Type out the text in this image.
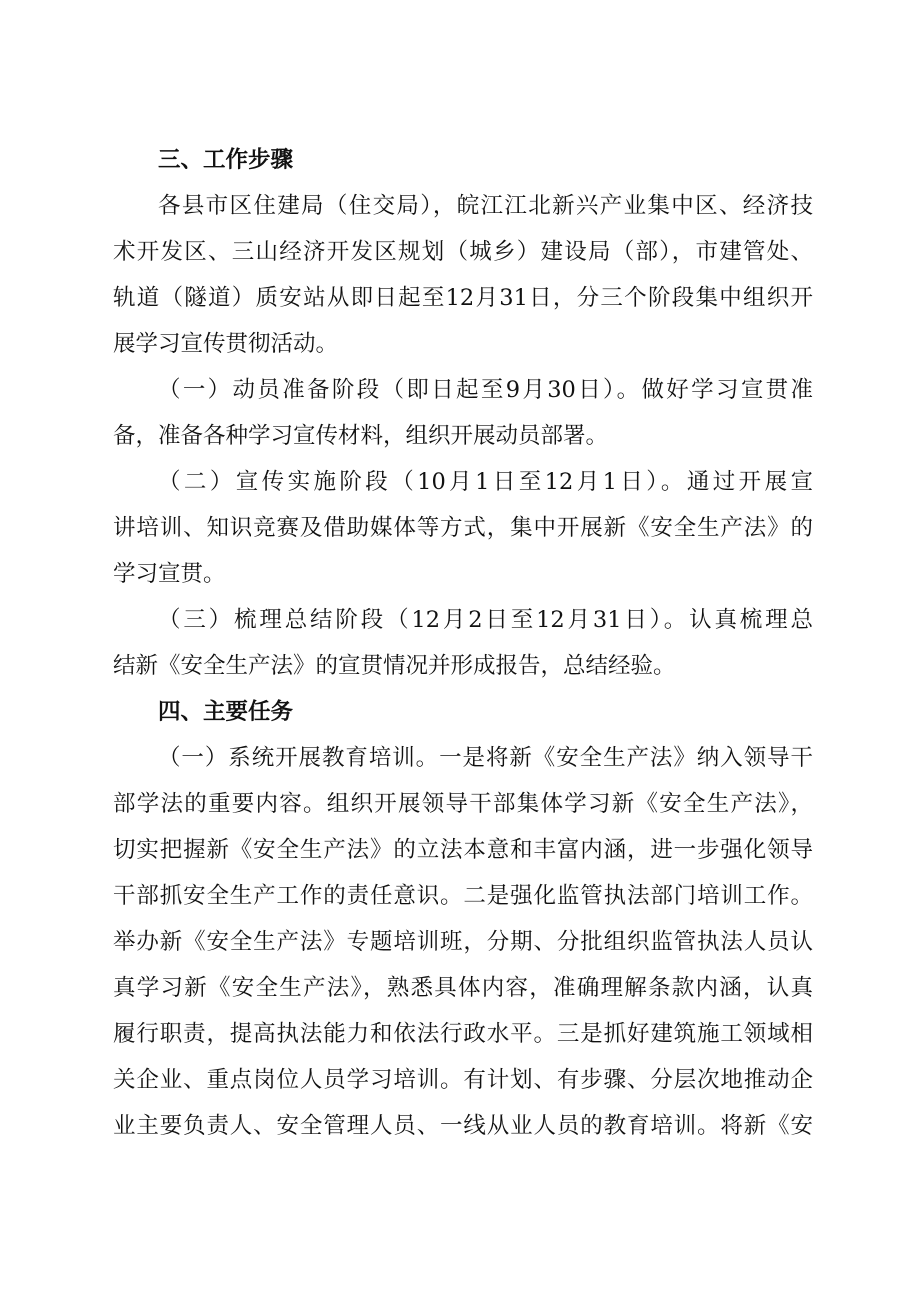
三、工作步骤
各县市区住建局（住交局），皖江江北新兴产业集中区、经济技
术开发区、三山经济开发区规划（城乡）建设局（部），市建管处、
轨道（隧道）质安站从即日起至12月31日，分三个阶段集中组织开
展学习宣传贯彻活动。
（一）动员准备阶段（即日起至9月30日）。做好学习宣贯准
备，准备各种学习宣传材料，组织开展动员部署。
（二）宣传实施阶段（10月1日至12月1日）。通过开展宣
讲培训、知识竞赛及借助媒体等方式，集中开展新《安全生产法》的
学习宣贯。
（三）梳理总结阶段（12月2日至12月31日）。认真梳理总
结新《安全生产法》的宣贯情况并形成报告，总结经验。
四、主要任务
（一）系统开展教育培训。一是将新《安全生产法》纳入领导干
部学法的重要内容。组织开展领导干部集体学习新《安全生产法》，
切实把握新《安全生产法》的立法本意和丰富内涵，进一步强化领导
干部抓安全生产工作的责任意识。二是强化监管执法部门培训工作。
举办新《安全生产法》专题培训班，分期、分批组织监管执法人员认
真学习新《安全生产法》，熟悉具体内容，准确理解条款内涵，认真
履行职责，提高执法能力和依法行政水平。三是抓好建筑施工领域相
关企业、重点岗位人员学习培训。有计划、有步骤、分层次地推动企
业主要负责人、安全管理人员、一线从业人员的教育培训。将新《安
